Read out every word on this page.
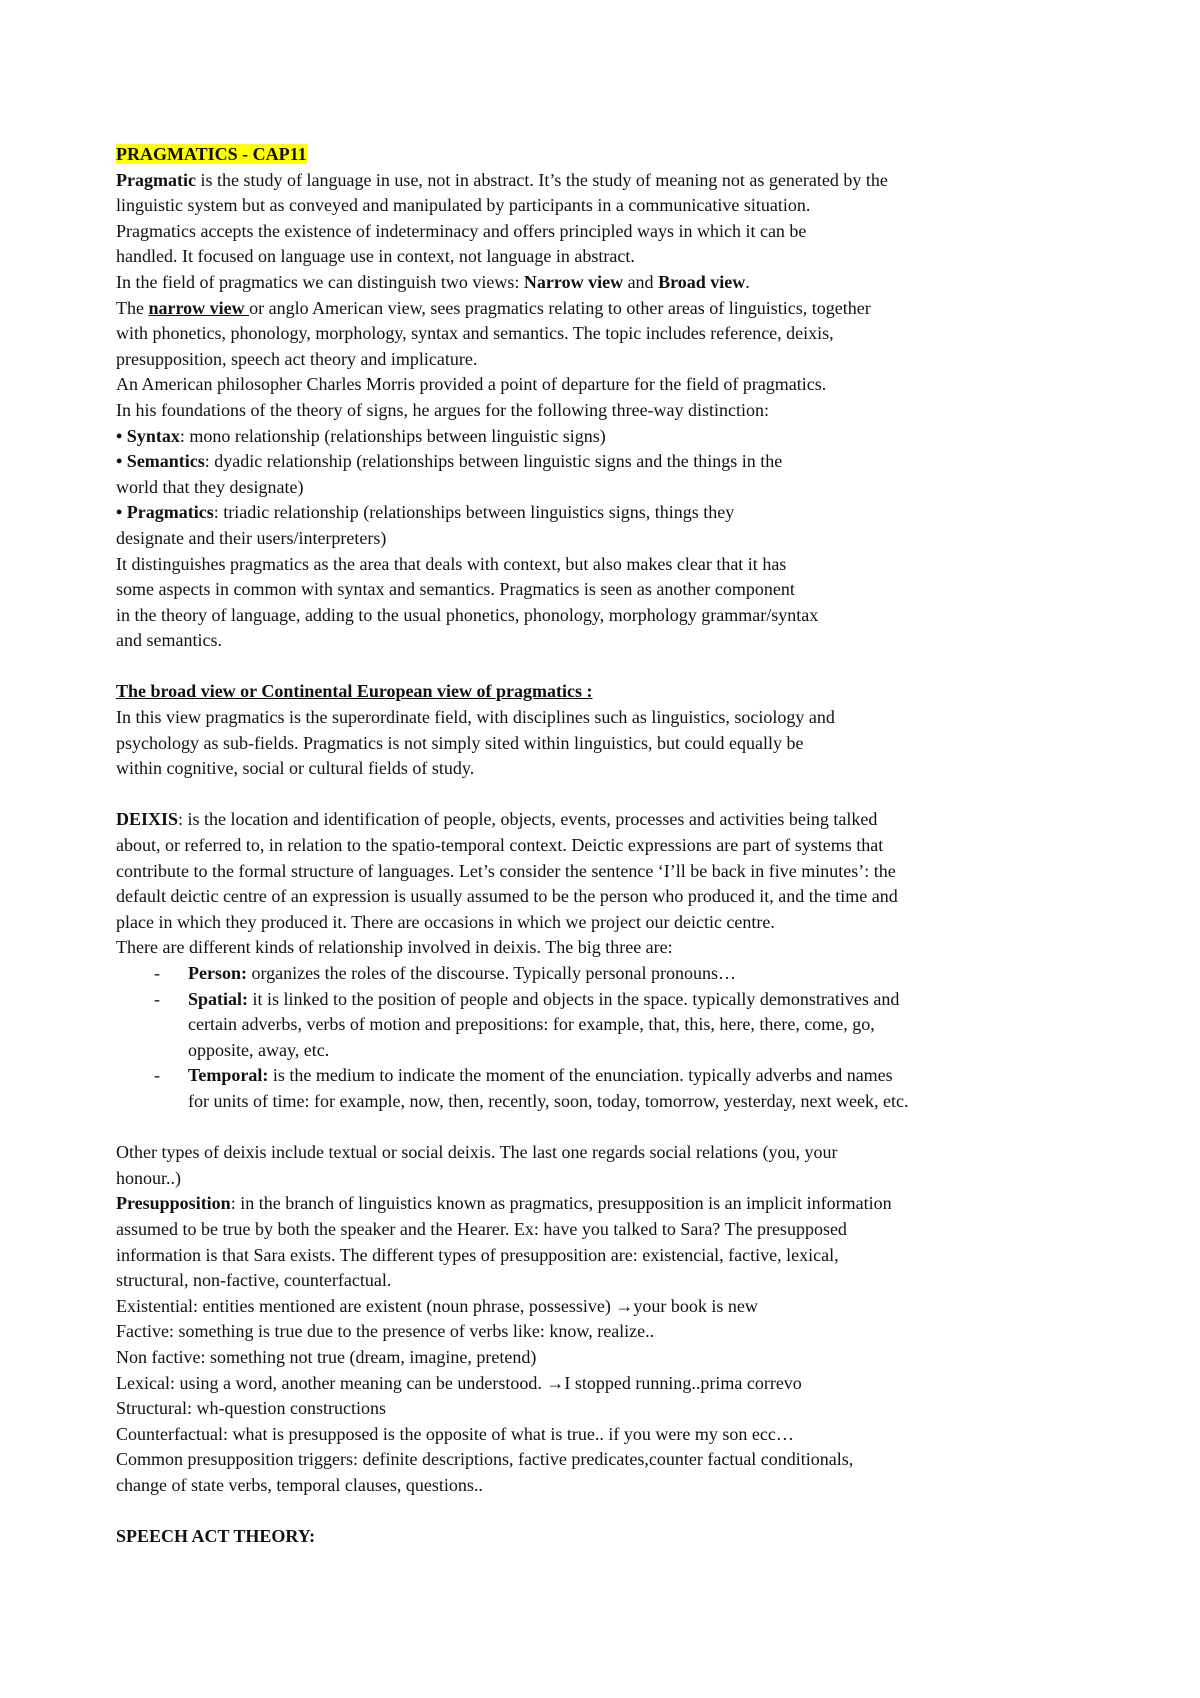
PRAGMATICS - CAP11
Pragmatic is the study of language in use, not in abstract. It’s the study of meaning not as generated by the
linguistic system but as conveyed and manipulated by participants in a communicative situation.
Pragmatics accepts the existence of indeterminacy and offers principled ways in which it can be
handled. It focused on language use in context, not language in abstract.
In the field of pragmatics we can distinguish two views: Narrow view and Broad view.
The narrow view or anglo American view, sees pragmatics relating to other areas of linguistics, together
with phonetics, phonology, morphology, syntax and semantics. The topic includes reference, deixis,
presupposition, speech act theory and implicature.
An American philosopher Charles Morris provided a point of departure for the field of pragmatics.
In his foundations of the theory of signs, he argues for the following three-way distinction:
• Syntax: mono relationship (relationships between linguistic signs)
• Semantics: dyadic relationship (relationships between linguistic signs and the things in the
world that they designate)
• Pragmatics: triadic relationship (relationships between linguistics signs, things they
designate and their users/interpreters)
It distinguishes pragmatics as the area that deals with context, but also makes clear that it has
some aspects in common with syntax and semantics. Pragmatics is seen as another component
in the theory of language, adding to the usual phonetics, phonology, morphology grammar/syntax
and semantics.
The broad view or Continental European view of pragmatics :
In this view pragmatics is the superordinate field, with disciplines such as linguistics, sociology and
psychology as sub-fields. Pragmatics is not simply sited within linguistics, but could equally be
within cognitive, social or cultural fields of study.
DEIXIS: is the location and identification of people, objects, events, processes and activities being talked
about, or referred to, in relation to the spatio-temporal context. Deictic expressions are part of systems that
contribute to the formal structure of languages. Let’s consider the sentence ‘I’ll be back in five minutes’: the
default deictic centre of an expression is usually assumed to be the person who produced it, and the time and
place in which they produced it. There are occasions in which we project our deictic centre.
There are different kinds of relationship involved in deixis. The big three are:
- Person: organizes the roles of the discourse. Typically personal pronouns…
- Spatial: it is linked to the position of people and objects in the space. typically demonstratives and
certain adverbs, verbs of motion and prepositions: for example, that, this, here, there, come, go,
opposite, away, etc.
- Temporal: is the medium to indicate the moment of the enunciation. typically adverbs and names
for units of time: for example, now, then, recently, soon, today, tomorrow, yesterday, next week, etc.
Other types of deixis include textual or social deixis. The last one regards social relations (you, your
honour..)
Presupposition: in the branch of linguistics known as pragmatics, presupposition is an implicit information
assumed to be true by both the speaker and the Hearer. Ex: have you talked to Sara? The presupposed
information is that Sara exists. The different types of presupposition are: existencial, factive, lexical,
structural, non-factive, counterfactual.
Existential: entities mentioned are existent (noun phrase, possessive) →your book is new
Factive: something is true due to the presence of verbs like: know, realize..
Non factive: something not true (dream, imagine, pretend)
Lexical: using a word, another meaning can be understood. →I stopped running..prima correvo
Structural: wh-question constructions
Counterfactual: what is presupposed is the opposite of what is true.. if you were my son ecc…
Common presupposition triggers: definite descriptions, factive predicates,counter factual conditionals,
change of state verbs, temporal clauses, questions..
SPEECH ACT THEORY:
